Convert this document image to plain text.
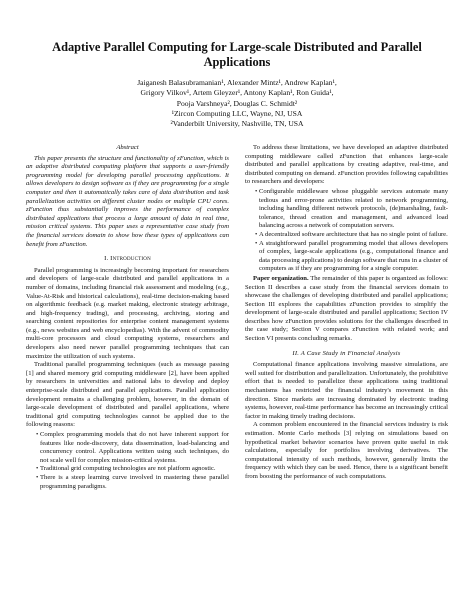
Adaptive Parallel Computing for Large-scale Distributed and Parallel Applications
Jaiganesh Balasubramanian¹, Alexander Mintz¹, Andrew Kaplan¹,
Grigory Vilkov¹, Artem Gleyzer¹, Antony Kaplan¹, Ron Guida¹,
Pooja Varshneya², Douglas C. Schmidt²
¹Zircon Computing LLC, Wayne, NJ, USA
²Vanderbilt University, Nashville, TN, USA
Abstract

This paper presents the structure and functionality of zFunction, which is an adaptive distributed computing platform that supports a user-friendly programming model for developing parallel processing applications. It allows developers to design software as if they are programming for a single computer and then it automatically takes care of data distribution and task parallelization activities on different cluster nodes or multiple CPU cores. zFunction thus substantially improves the performance of complex distributed applications that process a large amount of data in real time, mission critical systems. This paper uses a representative case study from the financial services domain to show how these types of applications can benefit from zFunction.

I. Introduction

Parallel programming is increasingly becoming important for researchers and developers of large-scale distributed and parallel applications in a number of domains, including financial risk assessment and modeling (e.g., Value-At-Risk and historical calculations), real-time decision-making based on algorithmic feedback (e.g. market making, electronic strategy arbitrage, and high-frequency trading), and processing, archiving, storing and searching content repositories for enterprise content management systems (e.g., news websites and web encyclopedias). With the advent of commodity multi-core processors and cloud computing systems, researchers and developers also need newer parallel programming techniques that can maximize the utilization of such systems.

Traditional parallel programming techniques (such as message passing [1] and shared memory grid computing middleware [2], have been applied by researchers in universities and national labs to develop and deploy enterprise-scale distributed and parallel applications. Parallel application development remains a challenging problem, however, in the domain of large-scale development of distributed and parallel applications, where traditional grid computing technologies cannot be applied due to the following reasons:

• Complex programming models that do not have inherent support for features like node-discovery, data dissemination, load-balancing and concurrency control. Applications written using such techniques, do not scale well for complex mission-critical systems.
• Traditional grid computing technologies are not platform agnostic.
• There is a steep learning curve involved in mastering these parallel programming paradigms.

To address these limitations, we have developed an adaptive distributed computing middleware called zFunction that enhances large-scale distributed and parallel applications by creating adaptive, real-time, and distributed computing on demand. zFunction provides following capabilities to researchers and developers:

• Configurable middleware whose pluggable services automate many tedious and error-prone activities related to network programming, including handling different network protocols, (de)marshaling, fault-tolerance, thread creation and management, and advanced load balancing across a network of computation servers.
• A decentralized software architecture that has no single point of failure.
• A straightforward parallel programming model that allows developers of complex, large-scale applications (e.g., computational finance and data processing applications) to design software that runs in a cluster of computers as if they are programming for a single computer.

Paper organization. The remainder of this paper is organized as follows: Section II describes a case study from the financial services domain to showcase the challenges of developing distributed and parallel applications; Section III explores the capabilities zFunction provides to simplify the development of large-scale distributed and parallel applications; Section IV describes how zFunction provides solutions for the challenges described in the case study; Section V compares zFunction with related work; and Section VI presents concluding remarks.

II. A Case Study in Financial Analysis

Computational finance applications involving massive simulations, are well suited for distribution and parallelization. Unfortunately, the prohibitive effort that is needed to parallelize these applications using traditional mechanisms has restricted the financial industry's movement in this direction. Since markets are increasing dominated by electronic trading systems, however, real-time performance has become an increasingly critical factor in making timely trading decisions.

A common problem encountered in the financial services industry is risk estimation. Monte Carlo methods [3] relying on simulations based on hypothetical market behavior scenarios have proven quite useful in risk calculations, especially for portfolios involving derivatives. The computational intensity of such methods, however, generally limits the frequency with which they can be used. Hence, there is a significant benefit from boosting the performance of such computations.
